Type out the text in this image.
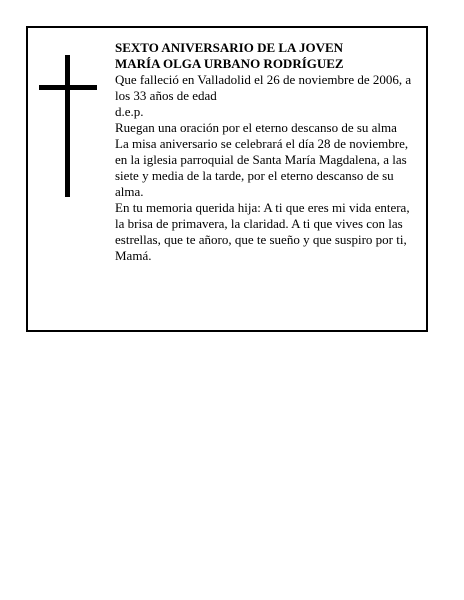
SEXTO ANIVERSARIO DE LA JOVEN

MARÍA OLGA URBANO RODRÍGUEZ

Que falleció en Valladolid el 26 de noviembre de 2006, a los 33 años de edad

d.e.p.

Ruegan una oración por el eterno descanso de su alma

La misa aniversario se celebrará el día 28 de noviembre, en la iglesia parroquial de Santa María Magdalena, a las siete y media de la tarde, por el eterno descanso de su alma.

En tu memoria querida hija: A ti que eres mi vida entera, la brisa de primavera, la claridad. A ti que vives con las estrellas, que te añoro, que te sueño y que suspiro por ti, Mamá.
